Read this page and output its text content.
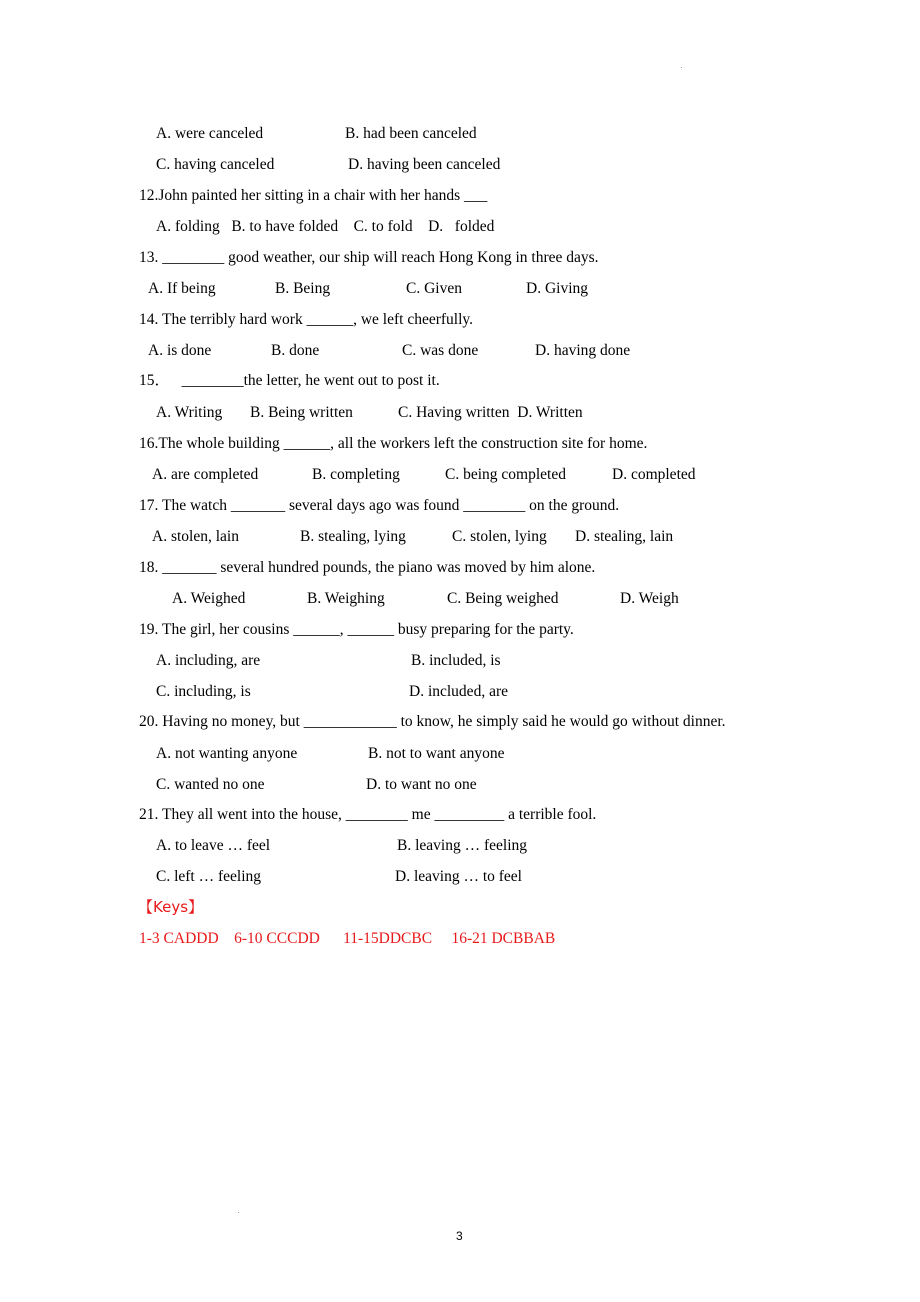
A. were canceled	B. had been canceled
C. having canceled	D. having been canceled
12.John painted her sitting in a chair with her hands ___
A. folding   B. to have folded    C. to fold    D.   folded
13. ________ good weather, our ship will reach Hong Kong in three days.
A. If being	B. Being	C. Given	D. Giving
14. The terribly hard work ______, we left cheerfully.
A. is done	B. done	C. was done	D. having done
15．   ________the letter, he went out to post it.
A. Writing B. Being written	C. Having written  D. Written
16.The whole building ______, all the workers left the construction site for home.
A. are completed	B. completing	C. being completed	D. completed
17. The watch _______ several days ago was found ________ on the ground.
A. stolen, lain	B. stealing, lying	C. stolen, lying D. stealing, lain
18. _______ several hundred pounds, the piano was moved by him alone.
A. Weighed	B. Weighing	C. Being weighed	D. Weigh
19. The girl, her cousins ______, ______ busy preparing for the party.
A. including, are	B. included, is
C. including, is	D. included, are
20. Having no money, but ____________ to know, he simply said he would go without dinner.
A. not wanting anyone	B. not to want anyone
C. wanted no one	D. to want no one
21. They all went into the house, ________ me _________ a terrible fool.
A. to leave … feel	B. leaving … feeling
C. left … feeling	D. leaving … to feel
【Keys】
1-3 CADDD    6-10 CCCDD      11-15DDCBC     16-21 DCBBAB
3
